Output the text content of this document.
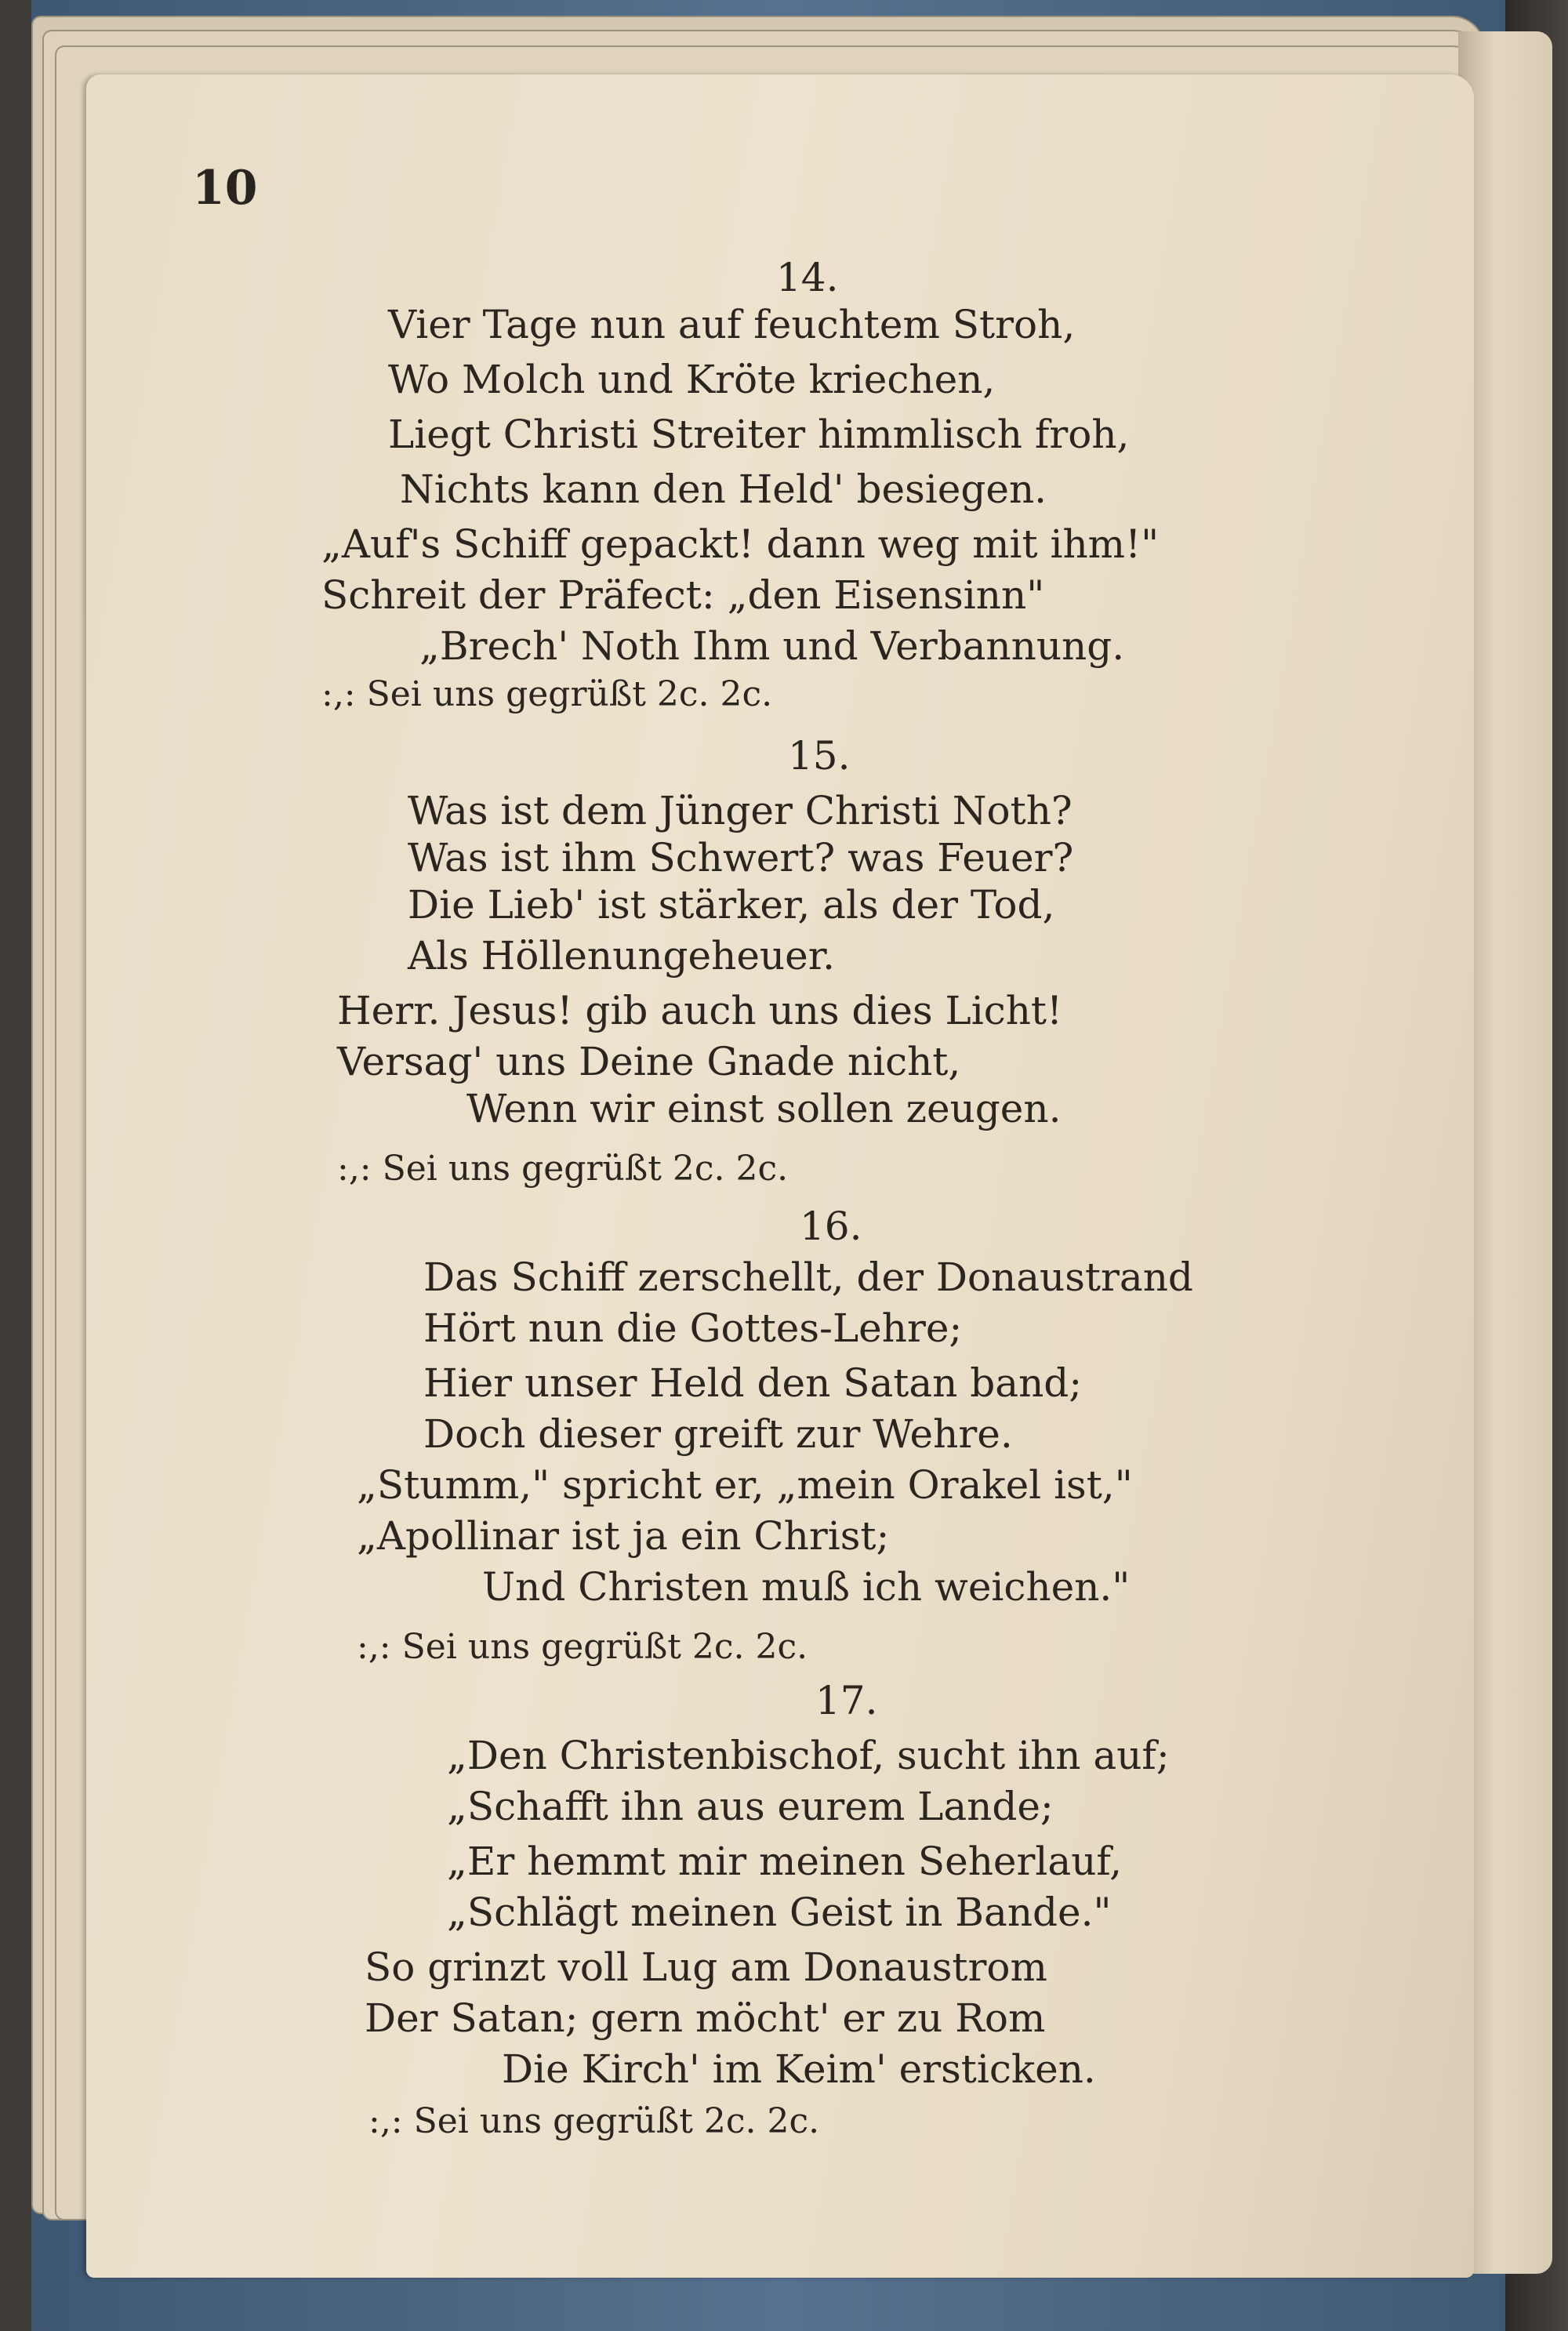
10
14.
Vier Tage nun auf feuchtem Stroh,
Wo Molch und Kröte kriechen,
Liegt Christi Streiter himmlisch froh,
Nichts kann den Held' besiegen.
„Auf's Schiff gepackt! dann weg mit ihm!"
Schreit der Präfect: „den Eisensinn"
„Brech' Noth Ihm und Verbannung.
:,: Sei uns gegrüßt 2c. 2c.
15.
Was ist dem Jünger Christi Noth?
Was ist ihm Schwert? was Feuer?
Die Lieb' ist stärker, als der Tod,
Als Höllenungeheuer.
Herr. Jesus! gib auch uns dies Licht!
Versag' uns Deine Gnade nicht,
Wenn wir einst sollen zeugen.
:,: Sei uns gegrüßt 2c. 2c.
16.
Das Schiff zerschellt, der Donaustrand
Hört nun die Gottes-Lehre;
Hier unser Held den Satan band;
Doch dieser greift zur Wehre.
„Stumm," spricht er, „mein Orakel ist,"
„Apollinar ist ja ein Christ;
Und Christen muß ich weichen."
:,: Sei uns gegrüßt 2c. 2c.
17.
„Den Christenbischof, sucht ihn auf;
„Schafft ihn aus eurem Lande;
„Er hemmt mir meinen Seherlauf,
„Schlägt meinen Geist in Bande."
So grinzt voll Lug am Donaustrom
Der Satan; gern möcht' er zu Rom
Die Kirch' im Keim' ersticken.
:,: Sei uns gegrüßt 2c. 2c.
